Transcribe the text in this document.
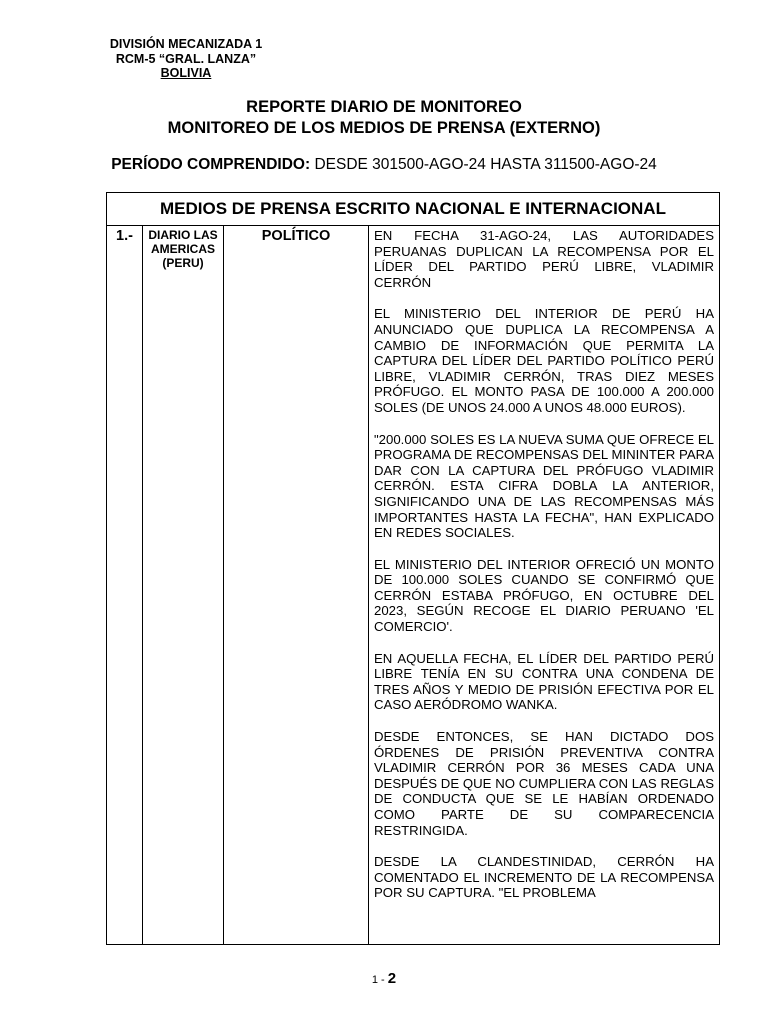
DIVISIÓN MECANIZADA 1
RCM-5 “GRAL. LANZA”
BOLIVIA
REPORTE DIARIO DE MONITOREO
MONITOREO DE LOS MEDIOS DE PRENSA (EXTERNO)
PERÍODO COMPRENDIDO: DESDE 301500-AGO-24 HASTA 311500-AGO-24
MEDIOS DE PRENSA ESCRITO NACIONAL E INTERNACIONAL
1.-	DIARIO LAS AMERICAS (PERU)
POLÍTICO	EN FECHA 31-AGO-24, LAS AUTORIDADES PERUANAS DUPLICAN LA RECOMPENSA POR EL LÍDER DEL PARTIDO PERÚ LIBRE, VLADIMIR CERRÓN

EL MINISTERIO DEL INTERIOR DE PERÚ HA ANUNCIADO QUE DUPLICA LA RECOMPENSA A CAMBIO DE INFORMACIÓN QUE PERMITA LA CAPTURA DEL LÍDER DEL PARTIDO POLÍTICO PERÚ LIBRE, VLADIMIR CERRÓN, TRAS DIEZ MESES PRÓFUGO. EL MONTO PASA DE 100.000 A 200.000 SOLES (DE UNOS 24.000 A UNOS 48.000 EUROS).

"200.000 SOLES ES LA NUEVA SUMA QUE OFRECE EL PROGRAMA DE RECOMPENSAS DEL MININTER PARA DAR CON LA CAPTURA DEL PRÓFUGO VLADIMIR CERRÓN. ESTA CIFRA DOBLA LA ANTERIOR, SIGNIFICANDO UNA DE LAS RECOMPENSAS MÁS IMPORTANTES HASTA LA FECHA", HAN EXPLICADO EN REDES SOCIALES.

EL MINISTERIO DEL INTERIOR OFRECIÓ UN MONTO DE 100.000 SOLES CUANDO SE CONFIRMÓ QUE CERRÓN ESTABA PRÓFUGO, EN OCTUBRE DEL 2023, SEGÚN RECOGE EL DIARIO PERUANO 'EL COMERCIO'.

EN AQUELLA FECHA, EL LÍDER DEL PARTIDO PERÚ LIBRE TENÍA EN SU CONTRA UNA CONDENA DE TRES AÑOS Y MEDIO DE PRISIÓN EFECTIVA POR EL CASO AERÓDROMO WANKA.

DESDE ENTONCES, SE HAN DICTADO DOS ÓRDENES DE PRISIÓN PREVENTIVA CONTRA VLADIMIR CERRÓN POR 36 MESES CADA UNA DESPUÉS DE QUE NO CUMPLIERA CON LAS REGLAS DE CONDUCTA QUE SE LE HABÍAN ORDENADO COMO PARTE DE SU COMPARECENCIA RESTRINGIDA.

DESDE LA CLANDESTINIDAD, CERRÓN HA COMENTADO EL INCREMENTO DE LA RECOMPENSA POR SU CAPTURA. "EL PROBLEMA

1 - 2
